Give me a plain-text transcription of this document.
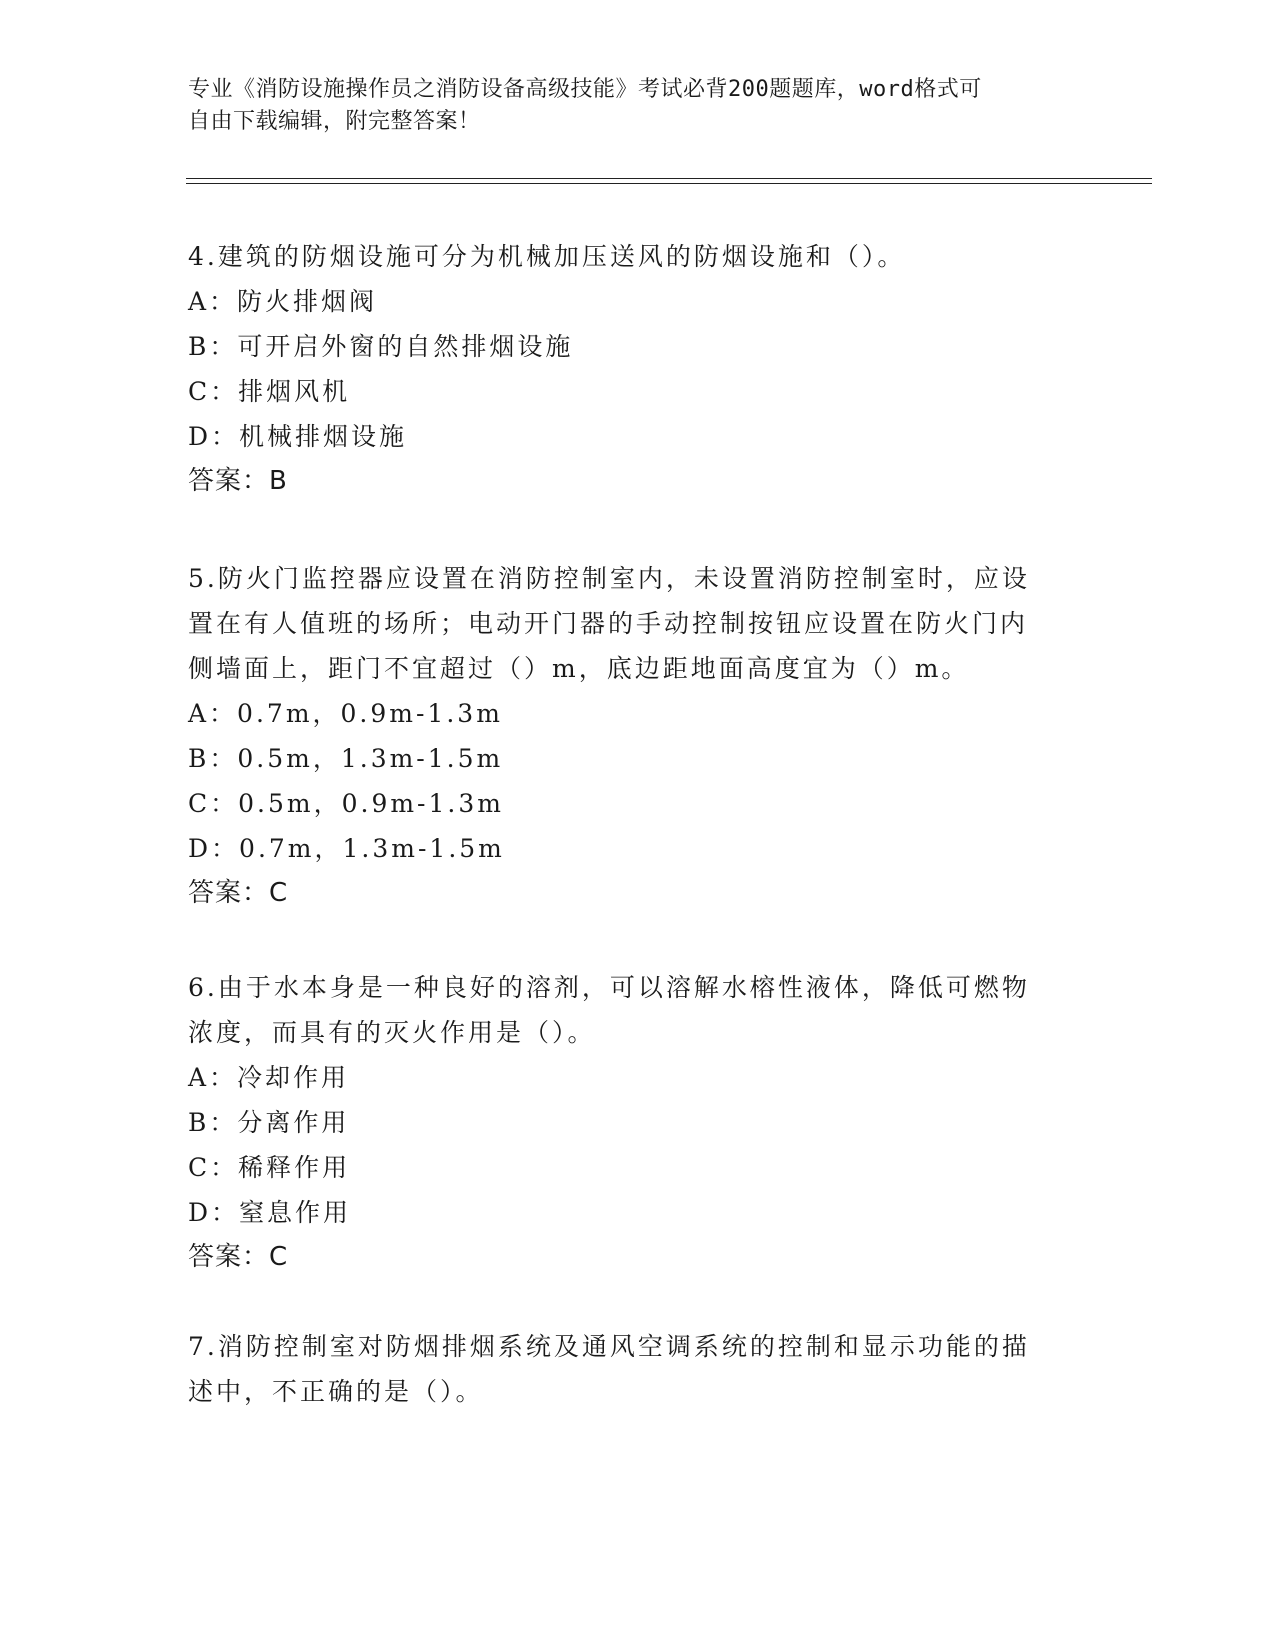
专业《消防设施操作员之消防设备高级技能》考试必背200题题库，word格式可
自由下载编辑，附完整答案！
4.建筑的防烟设施可分为机械加压送风的防烟设施和（）。
A：防火排烟阀
B：可开启外窗的自然排烟设施
C：排烟风机
D：机械排烟设施
答案：B
5.防火门监控器应设置在消防控制室内，未设置消防控制室时，应设
置在有人值班的场所；电动开门器的手动控制按钮应设置在防火门内
侧墙面上，距门不宜超过（）m，底边距地面高度宜为（）m。
A：0.7m，0.9m-1.3m
B：0.5m，1.3m-1.5m
C：0.5m，0.9m-1.3m
D：0.7m，1.3m-1.5m
答案：C
6.由于水本身是一种良好的溶剂，可以溶解水榕性液体，降低可燃物
浓度，而具有的灭火作用是（）。
A：冷却作用
B：分离作用
C：稀释作用
D：窒息作用
答案：C
7.消防控制室对防烟排烟系统及通风空调系统的控制和显示功能的描
述中，不正确的是（）。
